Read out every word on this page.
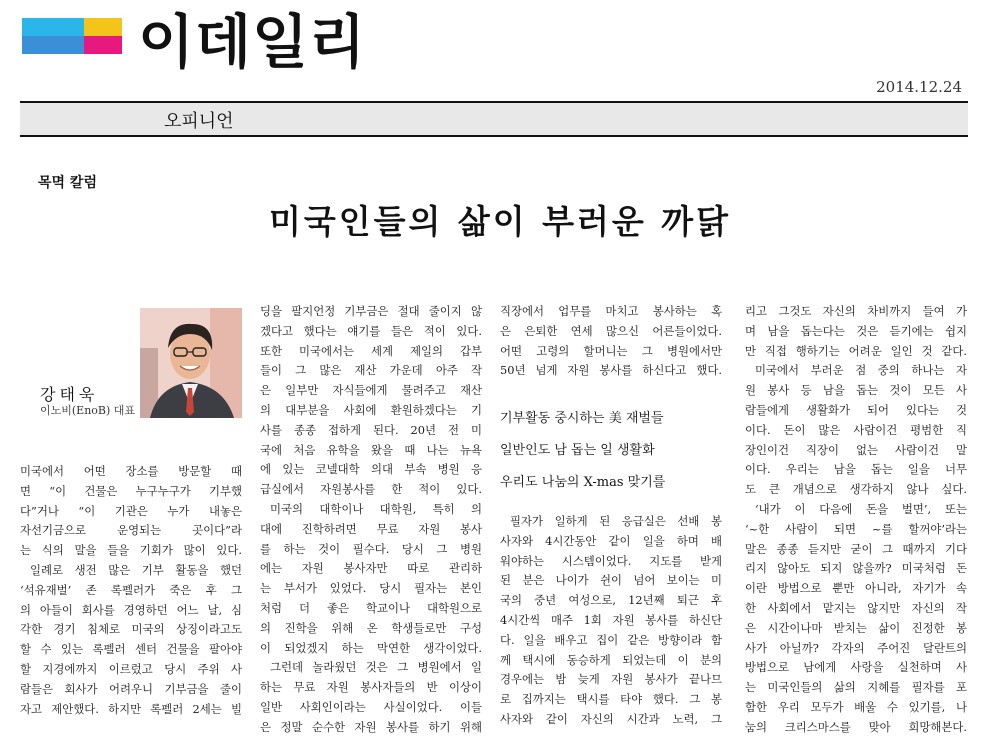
이데일리
2014.12.24
오피니언
목멱 칼럼
미국인들의 삶이 부러운 까닭
강태욱
이노비(EnoB) 대표
미국에서 어떤 장소를 방문할 때
면 “이 건물은 누구누구가 기부했
다”거나 “이 기관은 누가 내놓은
자선기금으로 운영되는 곳이다”라
는 식의 말을 들을 기회가 많이 있다.
일례로 생전 많은 기부 활동을 했던
‘석유재벌’ 존 록펠러가 죽은 후 그
의 아들이 회사를 경영하던 어느 날, 심
각한 경기 침체로 미국의 상징이라고도
할 수 있는 록펠러 센터 건물을 팔아야
할 지경에까지 이르렀고 당시 주위 사
람들은 회사가 어려우니 기부금을 줄이
자고 제안했다. 하지만 록펠러 2세는 빌
딩을 팔지언정 기부금은 절대 줄이지 않
겠다고 했다는 얘기를 들은 적이 있다.
또한 미국에서는 세계 제일의 갑부
들이 그 많은 재산 가운데 아주 작
은 일부만 자식들에게 물려주고 재산
의 대부분을 사회에 환원하겠다는 기
사를 종종 접하게 된다. 20년 전 미
국에 처음 유학을 왔을 때 나는 뉴욕
에 있는 코넬대학 의대 부속 병원 응
급실에서 자원봉사를 한 적이 있다.
미국의 대학이나 대학원, 특히 의
대에 진학하려면 무료 자원 봉사
를 하는 것이 필수다. 당시 그 병원
에는 자원 봉사자만 따로 관리하
는 부서가 있었다. 당시 필자는 본인
처럼 더 좋은 학교이나 대학원으로
의 진학을 위해 온 학생들로만 구성
이 되었겠지 하는 막연한 생각이었다.
그런데 놀라웠던 것은 그 병원에서 일
하는 무료 자원 봉사자들의 반 이상이
일반 사회인이라는 사실이었다. 이들
은 정말 순수한 자원 봉사를 하기 위해
직장에서 업무를 마치고 봉사하는 혹
은 은퇴한 연세 많으신 어른들이었다.
어떤 고령의 할머니는 그 병원에서만
50년 넘게 자원 봉사를 하신다고 했다.
기부활동 중시하는 美 재벌들
일반인도 남 돕는 일 생활화
우리도 나눔의 X-mas 맞기를
필자가 일하게 된 응급실은 선배 봉
사자와 4시간동안 같이 일을 하며 배
워야하는 시스템이었다. 지도를 받게
된 분은 나이가 쉰이 넘어 보이는 미
국의 중년 여성으로, 12년째 퇴근 후
4시간씩 매주 1회 자원 봉사를 하신단
다. 일을 배우고 집이 같은 방향이라 함
께 택시에 동승하게 되었는데 이 분의
경우에는 밤 늦게 자원 봉사가 끝나므
로 집까지는 택시를 타야 했다. 그 봉
사자와 같이 자신의 시간과 노력, 그
리고 그것도 자신의 차비까지 들여 가
며 남을 돕는다는 것은 듣기에는 쉽지
만 직접 행하기는 어려운 일인 것 같다.
미국에서 부러운 점 중의 하나는 자
원 봉사 등 남을 돕는 것이 모든 사
람들에게 생활화가 되어 있다는 것
이다. 돈이 많은 사람이건 평범한 직
장인이건 직장이 없는 사람이건 말
이다. 우리는 남을 돕는 일을 너무
도 큰 개념으로 생각하지 않나 싶다.
‘내가 이 다음에 돈을 벌면’, 또는
‘~한 사람이 되면 ~를 할꺼야’라는
말은 종종 듣지만 굳이 그 때까지 기다
리지 않아도 되지 않을까? 미국처럼 돈
이란 방법으로 뿐만 아니라, 자기가 속
한 사회에서 맡지는 않지만 자신의 작
은 시간이나마 받치는 삶이 진정한 봉
사가 아닐까? 각자의 주어진 달란트의
방법으로 남에게 사랑을 실천하며 사
는 미국인들의 삶의 지혜를 필자를 포
함한 우리 모두가 배울 수 있기를, 나
눔의 크리스마스를 맞아 희망해본다.
